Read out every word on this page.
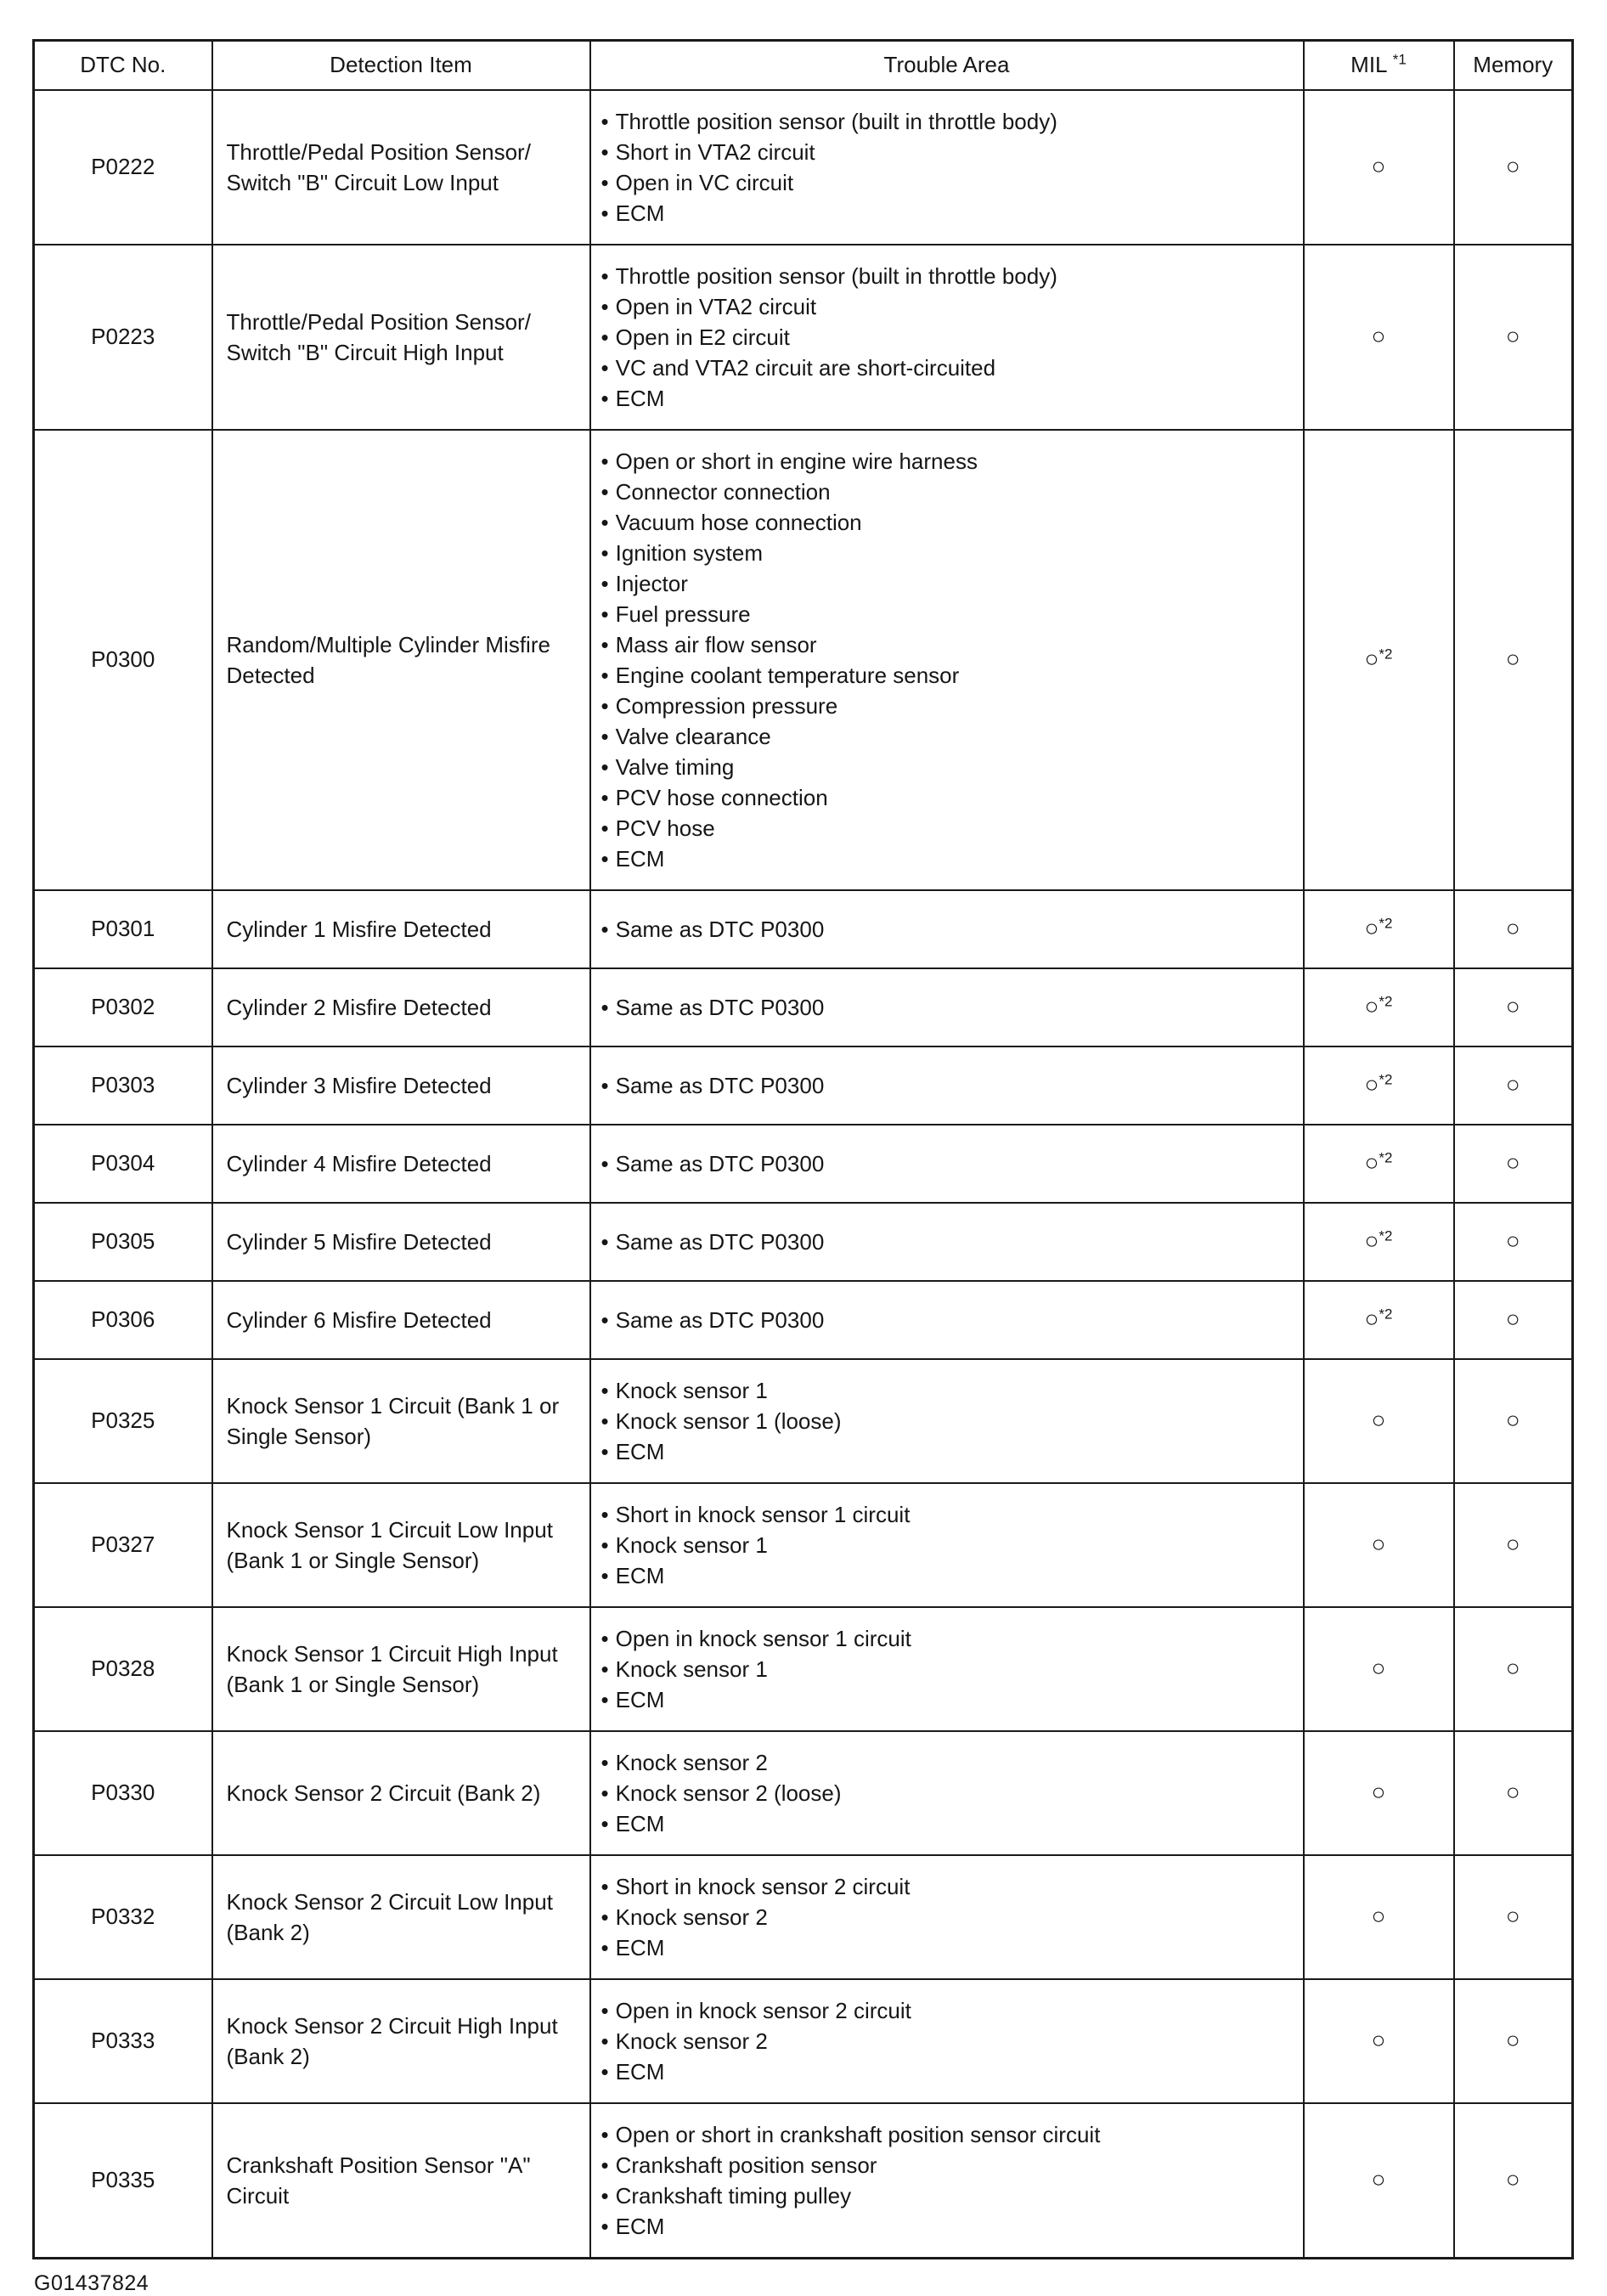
DTC No.	Detection Item	Trouble Area	MIL $^{*1}$	Memory
P0222	Throttle/Pedal Position Sensor/ Switch "B" Circuit Low Input	• Throttle position sensor (built in throttle body)
• Short in VTA2 circuit
• Open in VC circuit
• ECM	○	○
P0223	Throttle/Pedal Position Sensor/ Switch "B" Circuit High Input	• Throttle position sensor (built in throttle body)
• Open in VTA2 circuit
• Open in E2 circuit
• VC and VTA2 circuit are short-circuited
• ECM	○	○
P0300	Random/Multiple Cylinder Misfire Detected	
• Open or short in engine wire harness
• Connector connection
• Vacuum hose connection
• Ignition system
• Injector
• Fuel pressure
• Mass air flow sensor
• Engine coolant temperature sensor
• Compression pressure
• Valve clearance
• Valve timing
• PCV hose connection
• PCV hose
• ECM
	○$^{*2}$	○
P0301	Cylinder 1 Misfire Detected	• Same as DTC P0300	○$^{*2}$	○
P0302	Cylinder 2 Misfire Detected	• Same as DTC P0300	○$^{*2}$	○
P0303	Cylinder 3 Misfire Detected	• Same as DTC P0300	○$^{*2}$	○
P0304	Cylinder 4 Misfire Detected	• Same as DTC P0300	○$^{*2}$	○
P0305	Cylinder 5 Misfire Detected	• Same as DTC P0300	○$^{*2}$	○
P0306	Cylinder 6 Misfire Detected	• Same as DTC P0300	○$^{*2}$	○
P0325	Knock Sensor 1 Circuit (Bank 1 or Single Sensor)	• Knock sensor 1
• Knock sensor 1 (loose)
• ECM	○	○
P0327	Knock Sensor 1 Circuit Low Input (Bank 1 or Single Sensor)	• Short in knock sensor 1 circuit
• Knock sensor 1
• ECM	○	○
P0328	Knock Sensor 1 Circuit High Input (Bank 1 or Single Sensor)	• Open in knock sensor 1 circuit
• Knock sensor 1
• ECM	○	○
P0330	Knock Sensor 2 Circuit (Bank 2)	• Knock sensor 2
• Knock sensor 2 (loose)
• ECM	○	○
P0332	Knock Sensor 2 Circuit Low Input (Bank 2)	• Short in knock sensor 2 circuit
• Knock sensor 2
• ECM	○	○
P0333	Knock Sensor 2 Circuit High Input (Bank 2)	• Open in knock sensor 2 circuit
• Knock sensor 2
• ECM	○	○
P0335	Crankshaft Position Sensor "A" Circuit	• Open or short in crankshaft position sensor circuit
• Crankshaft position sensor
• Crankshaft timing pulley
• ECM	○	○
G01437824
